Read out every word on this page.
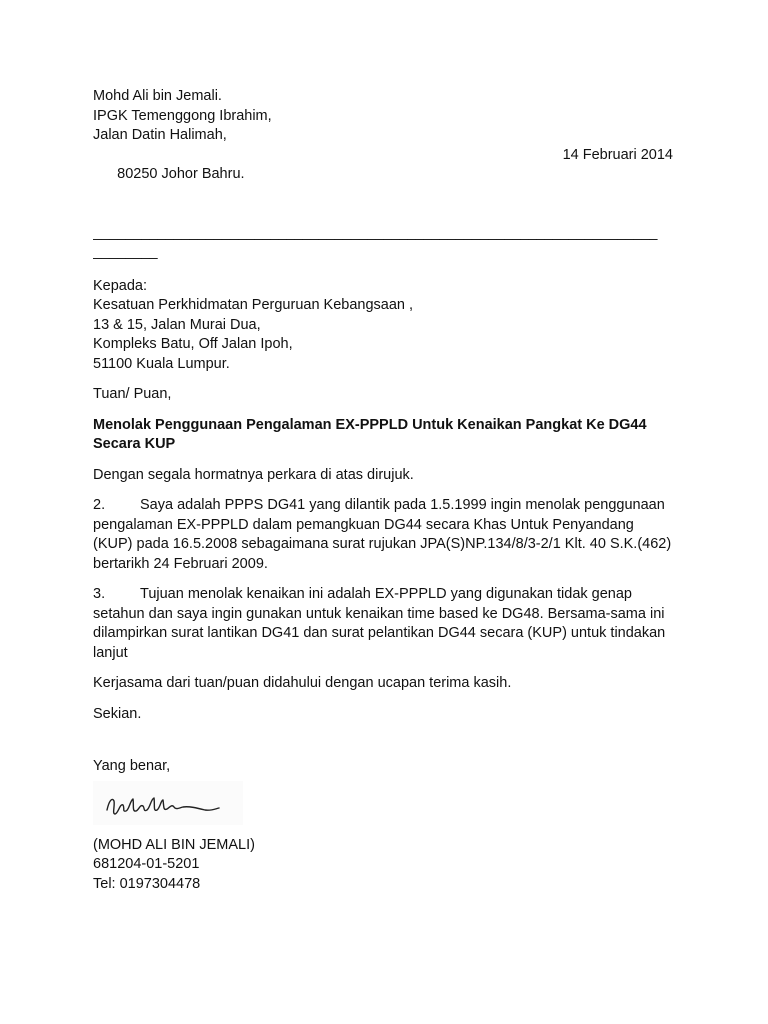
Mohd Ali bin Jemali.
IPGK Temenggong Ibrahim,
Jalan Datin Halimah,

80250 Johor Bahru.

14 Februari 2014

______________________________________________________________________
________
Kepada:
Kesatuan Perkhidmatan Perguruan Kebangsaan ,
13 & 15, Jalan Murai Dua,
Kompleks Batu, Off Jalan Ipoh,
51100 Kuala Lumpur.
Tuan/ Puan,
Menolak Penggunaan Pengalaman EX-PPPLD Untuk Kenaikan Pangkat Ke DG44 Secara KUP
Dengan segala hormatnya perkara di atas dirujuk.
2. Saya adalah PPPS DG41 yang dilantik pada 1.5.1999 ingin menolak penggunaan pengalaman EX-PPPLD dalam pemangkuan DG44 secara Khas Untuk Penyandang (KUP) pada 16.5.2008 sebagaimana surat rujukan JPA(S)NP.134/8/3-2/1 Klt. 40 S.K.(462) bertarikh 24 Februari 2009.
3. Tujuan menolak kenaikan ini adalah EX-PPPLD yang digunakan tidak genap setahun dan saya ingin gunakan untuk kenaikan time based ke DG48. Bersama-sama ini dilampirkan surat lantikan DG41 dan surat pelantikan DG44 secara (KUP) untuk tindakan lanjut
Kerjasama dari tuan/puan didahului dengan ucapan terima kasih.
Sekian.
Yang benar,
(MOHD ALI BIN JEMALI)
681204-01-5201
Tel: 0197304478
